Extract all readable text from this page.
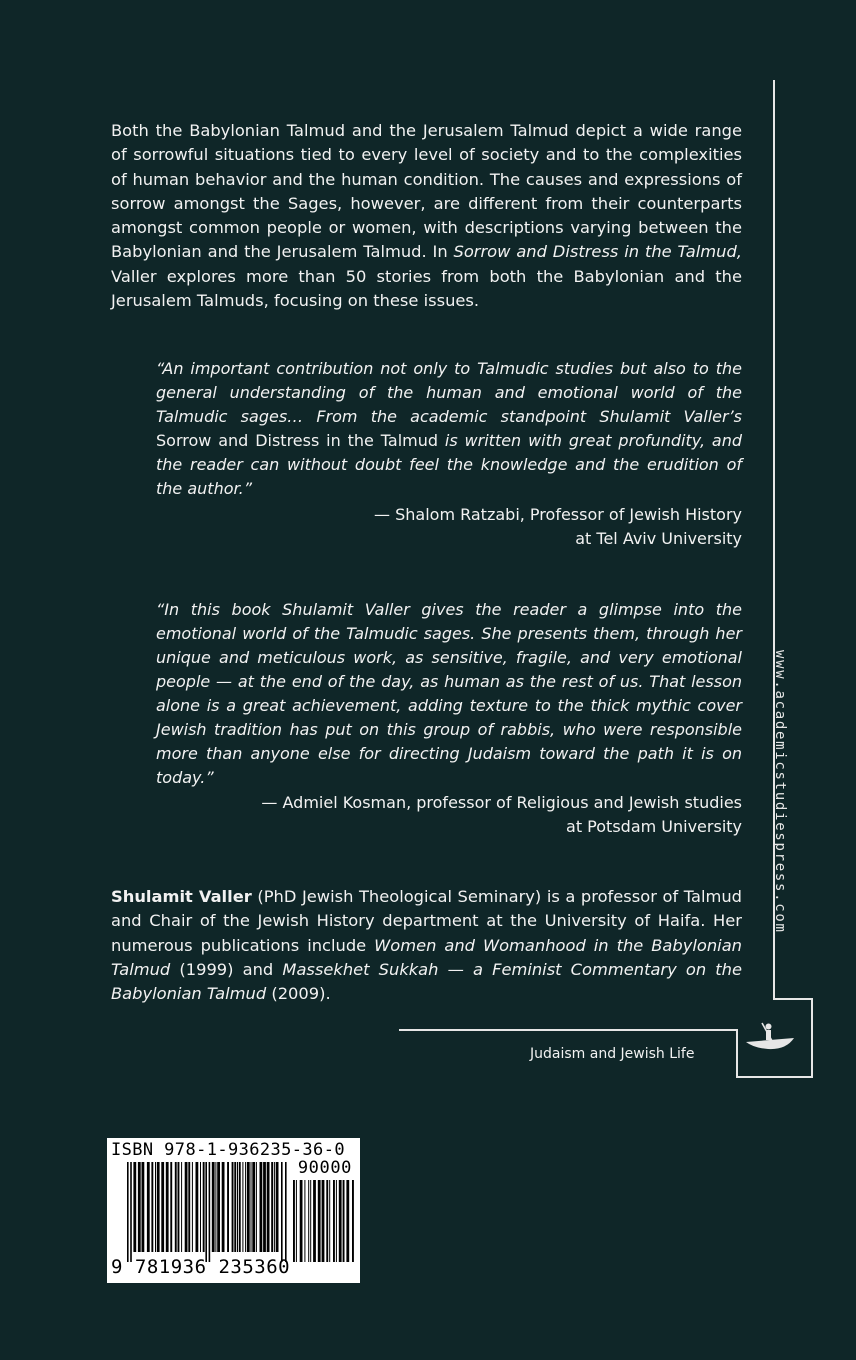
Both the Babylonian Talmud and the Jerusalem Talmud depict a wide range of sorrowful situations tied to every level of society and to the complexities of human behavior and the human condition. The causes and expressions of sorrow amongst the Sages, however, are different from their counterparts amongst common people or women, with descriptions varying between the Babylonian and the Jerusalem Talmud. In Sorrow and Distress in the Talmud, Valler explores more than 50 stories from both the Babylonian and the Jerusalem Talmuds, focusing on these issues.
“An important contribution not only to Talmudic studies but also to the general understanding of the human and emotional world of the Talmudic sages… From the academic standpoint Shulamit Valler’s Sorrow and Distress in the Talmud is written with great profundity, and the reader can without doubt feel the knowledge and the erudition of the author.”
— Shalom Ratzabi, Professor of Jewish History
at Tel Aviv University
“In this book Shulamit Valler gives the reader a glimpse into the emotional world of the Talmudic sages. She presents them, through her unique and meticulous work, as sensitive, fragile, and very emotional people — at the end of the day, as human as the rest of us. That lesson alone is a great achievement, adding texture to the thick mythic cover Jewish tradition has put on this group of rabbis, who were responsible more than anyone else for directing Judaism toward the path it is on today.”
— Admiel Kosman, professor of Religious and Jewish studies
at Potsdam University
Shulamit Valler (PhD Jewish Theological Seminary) is a professor of Talmud and Chair of the Jewish History department at the University of Haifa. Her numerous publications include Women and Womanhood in the Babylonian Talmud (1999) and Massekhet Sukkah — a Feminist Commentary on the Babylonian Talmud (2009).
www.academicstudiespress.com
Judaism and Jewish Life
ISBN 978-1-936235-36-0
90000
9 781936 235360
